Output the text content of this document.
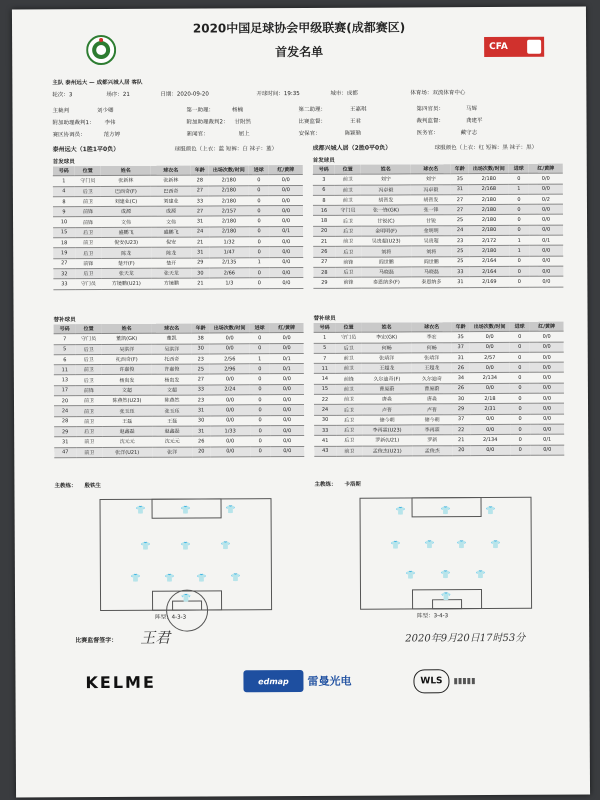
2020中国足球协会甲级联赛(成都赛区)
首发名单	CFA
主队 泰州远大 — 成都兴城人居 客队
轮次：3	场序：21	日期：2020-09-20	开球时间：19:35	城市：成都	体育场：双流体育中心
主裁判	刘少卿	第一助理：	杨楠	第二助理：	王嘉琪	第四官员：	马辉
附加助理裁判1： 李伟	附加助理裁判2： 甘附然	比赛监督：	王君	裁判监督：	龚建平
赛区协调员：	范方婷	新闻官：	屈上	安保官：	陈颖勤	医务官：	戴守志
泰州远大（1胜1平0负）	球服颜色（上衣：蓝 短裤：白 袜子：蓝）	成都兴城人居（2胜0平0负）	球服颜色（上衣：红 短裤：黑 袜子：黑）
首发球员	首发球员
号码	位置	姓名	球衣名	年龄	出场次数/时间	进球	红/黄牌
1	守门员	张新林	张新林	28	2/180	0	0/0
4	后卫	巴西奇(F)	巴西奇	27	2/180	0	0/0
8	前卫	刘建业(C)	刘建业	33	2/180	0	0/0
9	前锋	成源	成源	27	2/157	0	0/0
10	前锋	文伟	文伟	31	2/180	0	0/0
15	后卫	盛鹏飞	盛鹏飞	24	2/180	0	0/1
18	前卫	倪安(U23)	倪安	21	1/32	0	0/0
19	后卫	陈龙	陈龙	31	1/47	0	0/0
27	前锋	楚开(F)	楚开	29	2/135	1	0/0
32	后卫	张天龙	张天龙	30	2/66	0	0/0
33	守门员	方镜鹏(U21)	方镜鹏	21	1/3	0	0/0
号码	位置	姓名	球衣名	年龄	出场次数/时间	进球	红/黄牌
3	前卫	刘宇	刘宇	35	2/180	0	0/0
6	前卫	冯卓毅	冯卓毅	31	2/168	1	0/0
8	前卫	胡晋发	胡晋发	27	2/180	0	0/2
16	守门员	张一锋(GK)	张一锋	27	2/180	0	0/0
18	后卫	甘锐(C)	甘锐	25	2/180	0	0/0
20	后卫	金明明(F)	金明明	24	2/180	0	0/0
21	前卫	吴贵超(U23)	吴贵超	23	2/172	1	0/1
26	后卫	刘将	刘将	25	2/180	1	0/0
27	前锋	阎世鹏	阎世鹏	25	2/164	0	0/0
28	后卫	马晓磊	马晓磊	33	2/164	0	0/0
29	前锋	泰恩纳多(F)	泰恩纳多	31	2/169	0	0/0
替补球员	替补球员
号码	位置	姓名	球衣名	年龄	出场次数/时间	进球	红/黄牌
7	守门员	董凯(GK)	董凯	38	0/0	0	0/0
5	后卫	吴洪洋	吴洪洋	30	0/0	0	0/0
6	后卫	托西奇(F)	托西奇	23	2/56	1	0/1
11	前卫	许嘉俊	许嘉俊	25	2/96	0	0/1
13	后卫	杨贵发	杨贵发	27	0/0	0	0/0
17	前锋	文超	文超	33	2/24	0	0/0
20	前卫	陈燕然(U23)	陈燕然	23	0/0	0	0/0
24	前卫	张玉珏	张玉珏	31	0/0	0	0/0
28	前卫	王磊	王磊	30	0/0	0	0/0
29	后卫	赵鑫磊	赵鑫磊	31	1/33	0	0/0
31	前卫	沈元元	沈元元	26	0/0	0	0/0
47	前卫	张洋(U21)	张洋	20	0/0	0	0/0
号码	位置	姓名	球衣名	年龄	出场次数/时间	进球	红/黄牌
1	守门员	李宏(GK)	李宏	35	0/0	0	0/0
5	后卫	何畅	何畅	37	0/0	0	0/0
7	前卫	张靖洋	张靖洋	31	2/57	0	0/0
11	前卫	王超龙	王超龙	26	0/0	0	0/0
14	前锋	久尔迪奇(F)	久尔迪奇	34	2/134	0	0/0
15	前卫	曹原蔚	曹原蔚	26	0/0	0	0/0
22	前卫	唐淼	唐淼	30	2/18	0	0/0
24	后卫	卢晋	卢晋	29	2/31	0	0/0
30	后卫	储今朝	储今朝	37	0/0	0	0/0
33	后卫	李再霖(U23)	李再霖	22	0/0	0	0/0
41	后卫	罗新(U21)	罗新	21	2/134	0	0/1
43	前卫	孟俊杰(U21)	孟俊杰	20	0/0	0	0/0
主教练： 殷铁生	主教练： 卡洛斯
👕	👕	👕
👕	👕	👕
👕	👕	👕	👕
👕
阵型：4-3-3
👕	👕	👕
👕	👕	👕	👕
👕	👕	👕
👕
阵型：3-4-3
比赛监督签字： 王君	2020年9月20日17时53分
KELME	edmap	雷曼光电	WLS	▮▮▮▮▮
